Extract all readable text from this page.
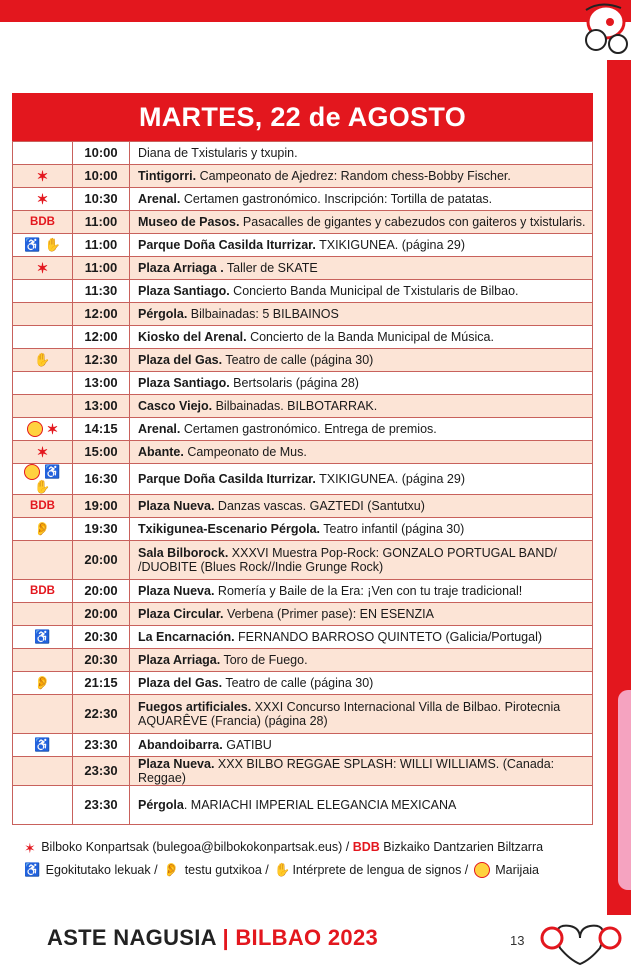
MARTES, 22 de AGOSTO
	10:00	Diana de Txistularis y txupin.
✶	10:00	Tintigorri. Campeonato de Ajedrez: Random chess-Bobby Fischer.
✶	10:30	Arenal. Certamen gastronómico. Inscripción: Tortilla de patatas.
BDB	11:00	Museo de Pasos. Pasacalles de gigantes y cabezudos con gaiteros y txistularis.
♿ ✋	11:00	Parque Doña Casilda Iturrizar. TXIKIGUNEA. (página 29)
✶	11:00	Plaza Arriaga . Taller de SKATE
	11:30	Plaza Santiago. Concierto Banda Municipal de Txistularis de Bilbao.
	12:00	Pérgola. Bilbainadas: 5 BILBAINOS
	12:00	Kiosko del Arenal. Concierto de la Banda Municipal de Música.
✋	12:30	Plaza del Gas. Teatro de calle (página 30)
	13:00	Plaza Santiago. Bertsolaris (página 28)
	13:00	Casco Viejo. Bilbainadas. BILBOTARRAK.
✶	14:15	Arenal. Certamen gastronómico. Entrega de premios.
✶	15:00	Abante. Campeonato de Mus.
♿✋	16:30	Parque Doña Casilda Iturrizar. TXIKIGUNEA. (página 29)
BDB	19:00	Plaza Nueva. Danzas vascas. GAZTEDI (Santutxu)
👂	19:30	Txikigunea-Escenario Pérgola. Teatro infantil (página 30)
	20:00	Sala Bilborock. XXXVI Muestra Pop-Rock: GONZALO PORTUGAL BAND/ /DUOBITE (Blues Rock//Indie Grunge Rock)
BDB	20:00	Plaza Nueva. Romería y Baile de la Era: ¡Ven con tu traje tradicional!
	20:00	Plaza Circular. Verbena (Primer pase): EN ESENZIA
♿	20:30	La Encarnación. FERNANDO BARROSO QUINTETO (Galicia/Portugal)
	20:30	Plaza Arriaga. Toro de Fuego.
👂	21:15	Plaza del Gas. Teatro de calle (página 30)
	22:30	Fuegos artificiales. XXXI Concurso Internacional Villa de Bilbao. Pirotecnia AQUARÊVE (Francia) (página 28)
♿	23:30	Abandoibarra. GATIBU
	23:30	Plaza Nueva. XXX BILBO REGGAE SPLASH: WILLI WILLIAMS. (Canada: Reggae)
	23:30	Pérgola. MARIACHI IMPERIAL ELEGANCIA MEXICANA
✶ Bilboko Konpartsak (bulegoa@bilbokokonpartsak.eus) / BDB Bizkaiko Dantzarien Biltzarra
♿ Egokitutako lekuak / 👂 testu gutxikoa / ✋ Intérprete de lengua de signos / Marijaia
ASTE NAGUSIA | BILBAO 2023	13
